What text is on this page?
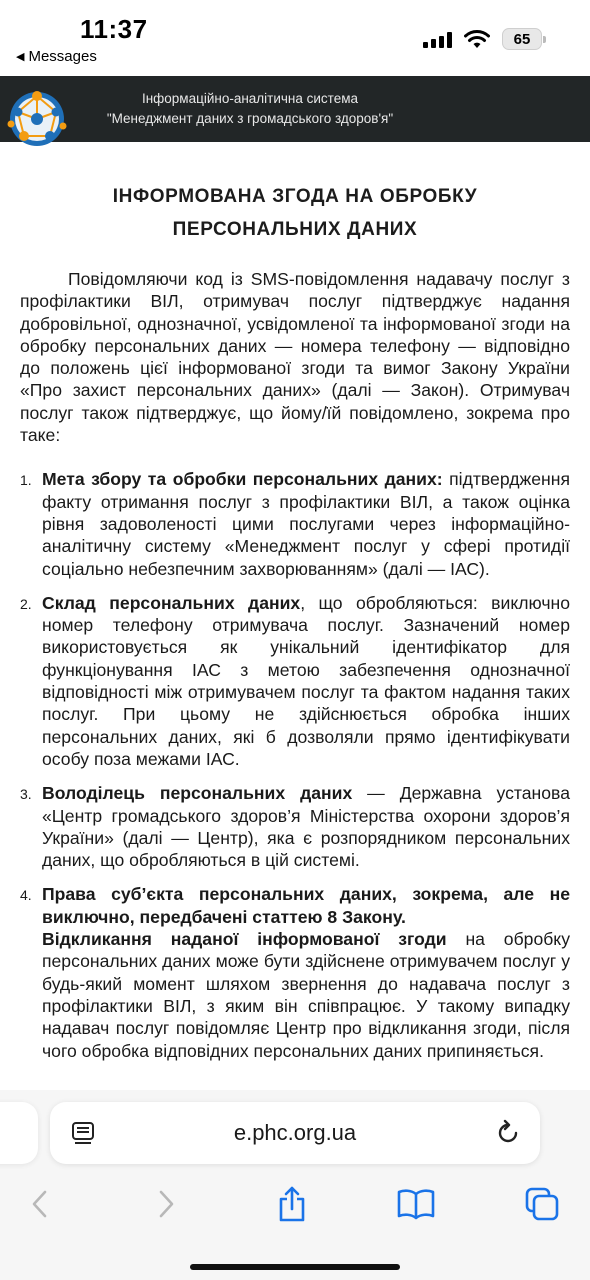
11:37
◀ Messages
65
Інформаційно-аналітична система
"Менеджмент даних з громадського здоров'я"
ІНФОРМОВАНА ЗГОДА НА ОБРОБКУ ПЕРСОНАЛЬНИХ ДАНИХ

Повідомляючи код із SMS-повідомлення надавачу послуг з профілактики ВІЛ, отримувач послуг підтверджує надання добровільної, однозначної, усвідомленої та інформованої згоди на обробку персональних даних — номера телефону — відповідно до положень цієї інформованої згоди та вимог Закону України «Про захист персональних даних» (далі — Закон). Отримувач послуг також підтверджує, що йому/їй повідомлено, зокрема про таке:

1. Мета збору та обробки персональних даних: підтвердження факту отримання послуг з профілактики ВІЛ, а також оцінка рівня задоволеності цими послугами через інформаційно-аналітичну систему «Менеджмент послуг у сфері протидії соціально небезпечним захворюванням» (далі — ІАС).
2. Склад персональних даних, що обробляються: виключно номер телефону отримувача послуг. Зазначений номер використовується як унікальний ідентифікатор для функціонування ІАС з метою забезпечення однозначної відповідності між отримувачем послуг та фактом надання таких послуг. При цьому не здійснюється обробка інших персональних даних, які б дозволяли прямо ідентифікувати особу поза межами ІАС.
3. Володілець персональних даних — Державна установа «Центр громадського здоров’я Міністерства охорони здоров’я України» (далі — Центр), яка є розпорядником персональних даних, що обробляються в цій системі.
4. Права суб’єкта персональних даних, зокрема, але не виключно, передбачені статтею 8 Закону.
Відкликання наданої інформованої згоди на обробку персональних даних може бути здійснене отримувачем послуг у будь-який момент шляхом звернення до надавача послуг з профілактики ВІЛ, з яким він співпрацює. У такому випадку надавач послуг повідомляє Центр про відкликання згоди, після чого обробка відповідних персональних даних припиняється.
e.phc.org.ua
